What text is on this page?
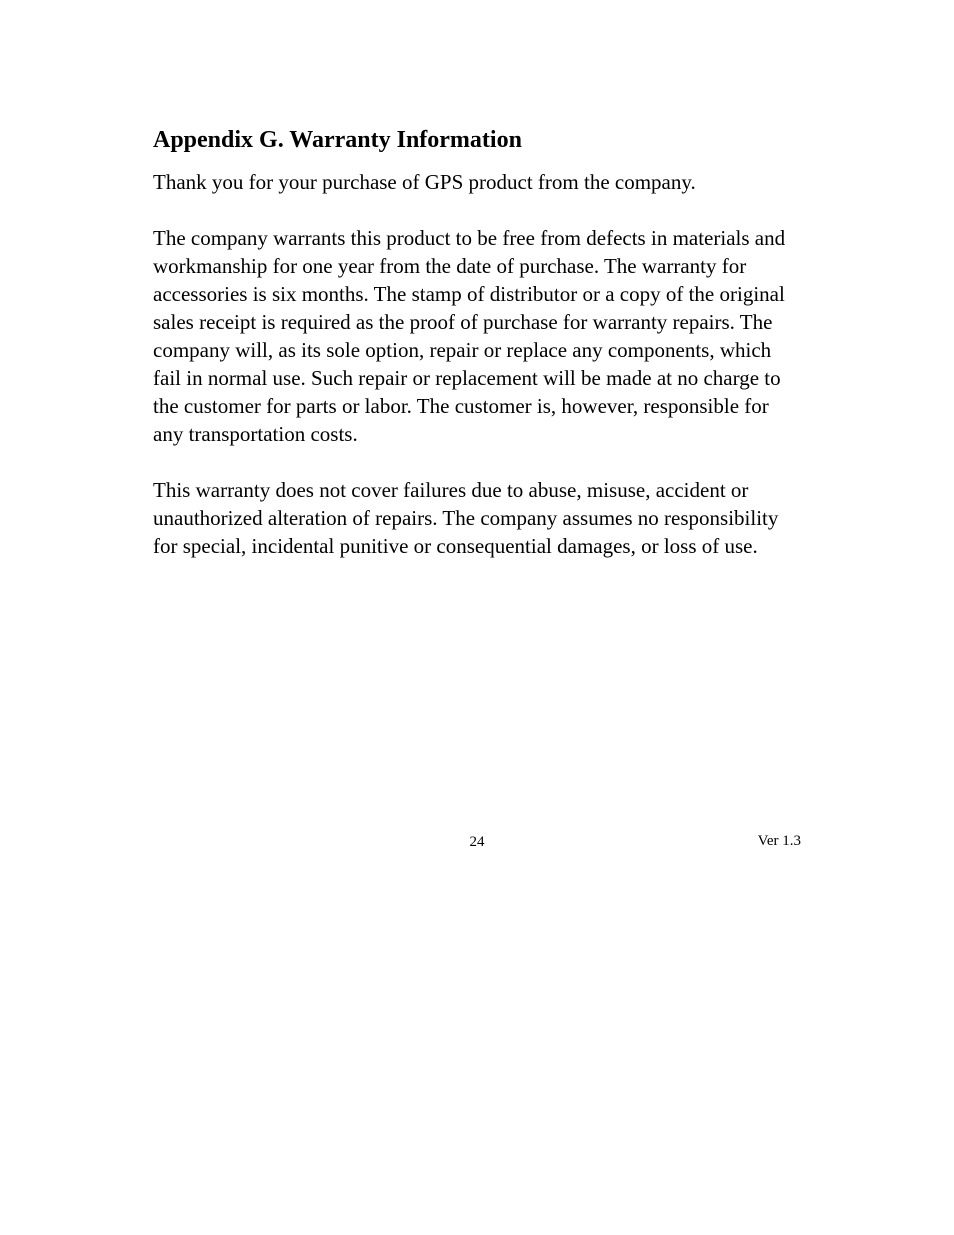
Appendix G. Warranty Information

Thank you for your purchase of GPS product from the company.

The company warrants this product to be free from defects in materials and workmanship for one year from the date of purchase. The warranty for accessories is six months. The stamp of distributor or a copy of the original sales receipt is required as the proof of purchase for warranty repairs. The company will, as its sole option, repair or replace any components, which fail in normal use. Such repair or replacement will be made at no charge to the customer for parts or labor. The customer is, however, responsible for any transportation costs.

This warranty does not cover failures due to abuse, misuse, accident or unauthorized alteration of repairs. The company assumes no responsibility for special, incidental punitive or consequential damages, or loss of use.

24	Ver 1.3
